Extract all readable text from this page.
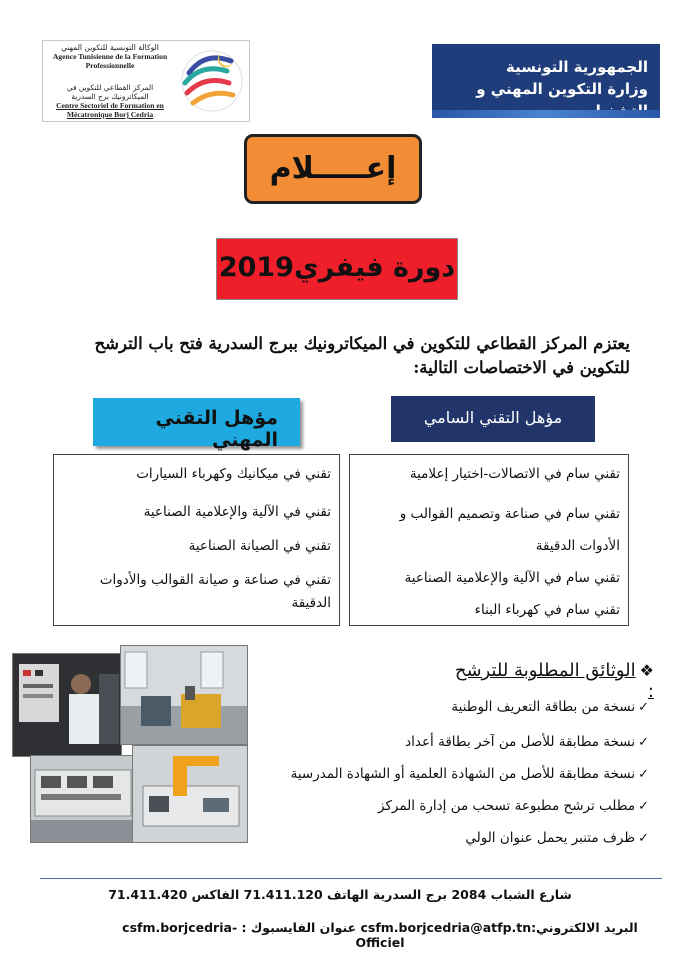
الوكالة التونسية للتكوين المهني
Agence Tunisienne de la Formation Professionnelle
المركز القطاعي للتكوين في الميكاترونيك برج السدرية
Centre Sectoriel de Formation en Mécatronique Borj Cedria
الجمهورية التونسية
وزارة التكوين المهني و
إعـــــلام
دورة فيفري2019
يعتزم المركز القطاعي للتكوين في الميكاترونيك ببرج السدرية فتح باب الترشح للتكوين في الاختصاصات التالية:
مؤهل التقني المهني
مؤهل التقني السامي
تقني في ميكانيك وكهرباء السيارات
تقني في الآلية والإعلامية الصناعية
تقني في الصيانة الصناعية
تقني في صناعة و صيانة القوالب والأدوات الدقيقة
تقني سام في الاتصالات-اختيار إعلامية
تقني سام في صناعة وتصميم القوالب و
الأدوات الدقيقة
تقني سام في الآلية والإعلامية الصناعية
تقني سام في كهرباء البناء
❖الوثائق المطلوبة للترشح :
✓نسخة من بطاقة التعريف الوطنية
✓نسخة مطابقة للأصل من آخر بطاقة أعداد
✓نسخة مطابقة للأصل من الشهادة العلمية أو الشهادة المدرسية
✓مطلب ترشح مطبوعة تسحب من إدارة المركز
✓ظرف متنبر يحمل عنوان الولي
شارع الشباب 2084 برج السدرية الهاتف 71.411.120 الفاكس 71.411.420
البريد الالكتروني:csfm.borjcedria@atfp.tn عنوان الفايسبوك : csfm.borjcedria-Officiel
